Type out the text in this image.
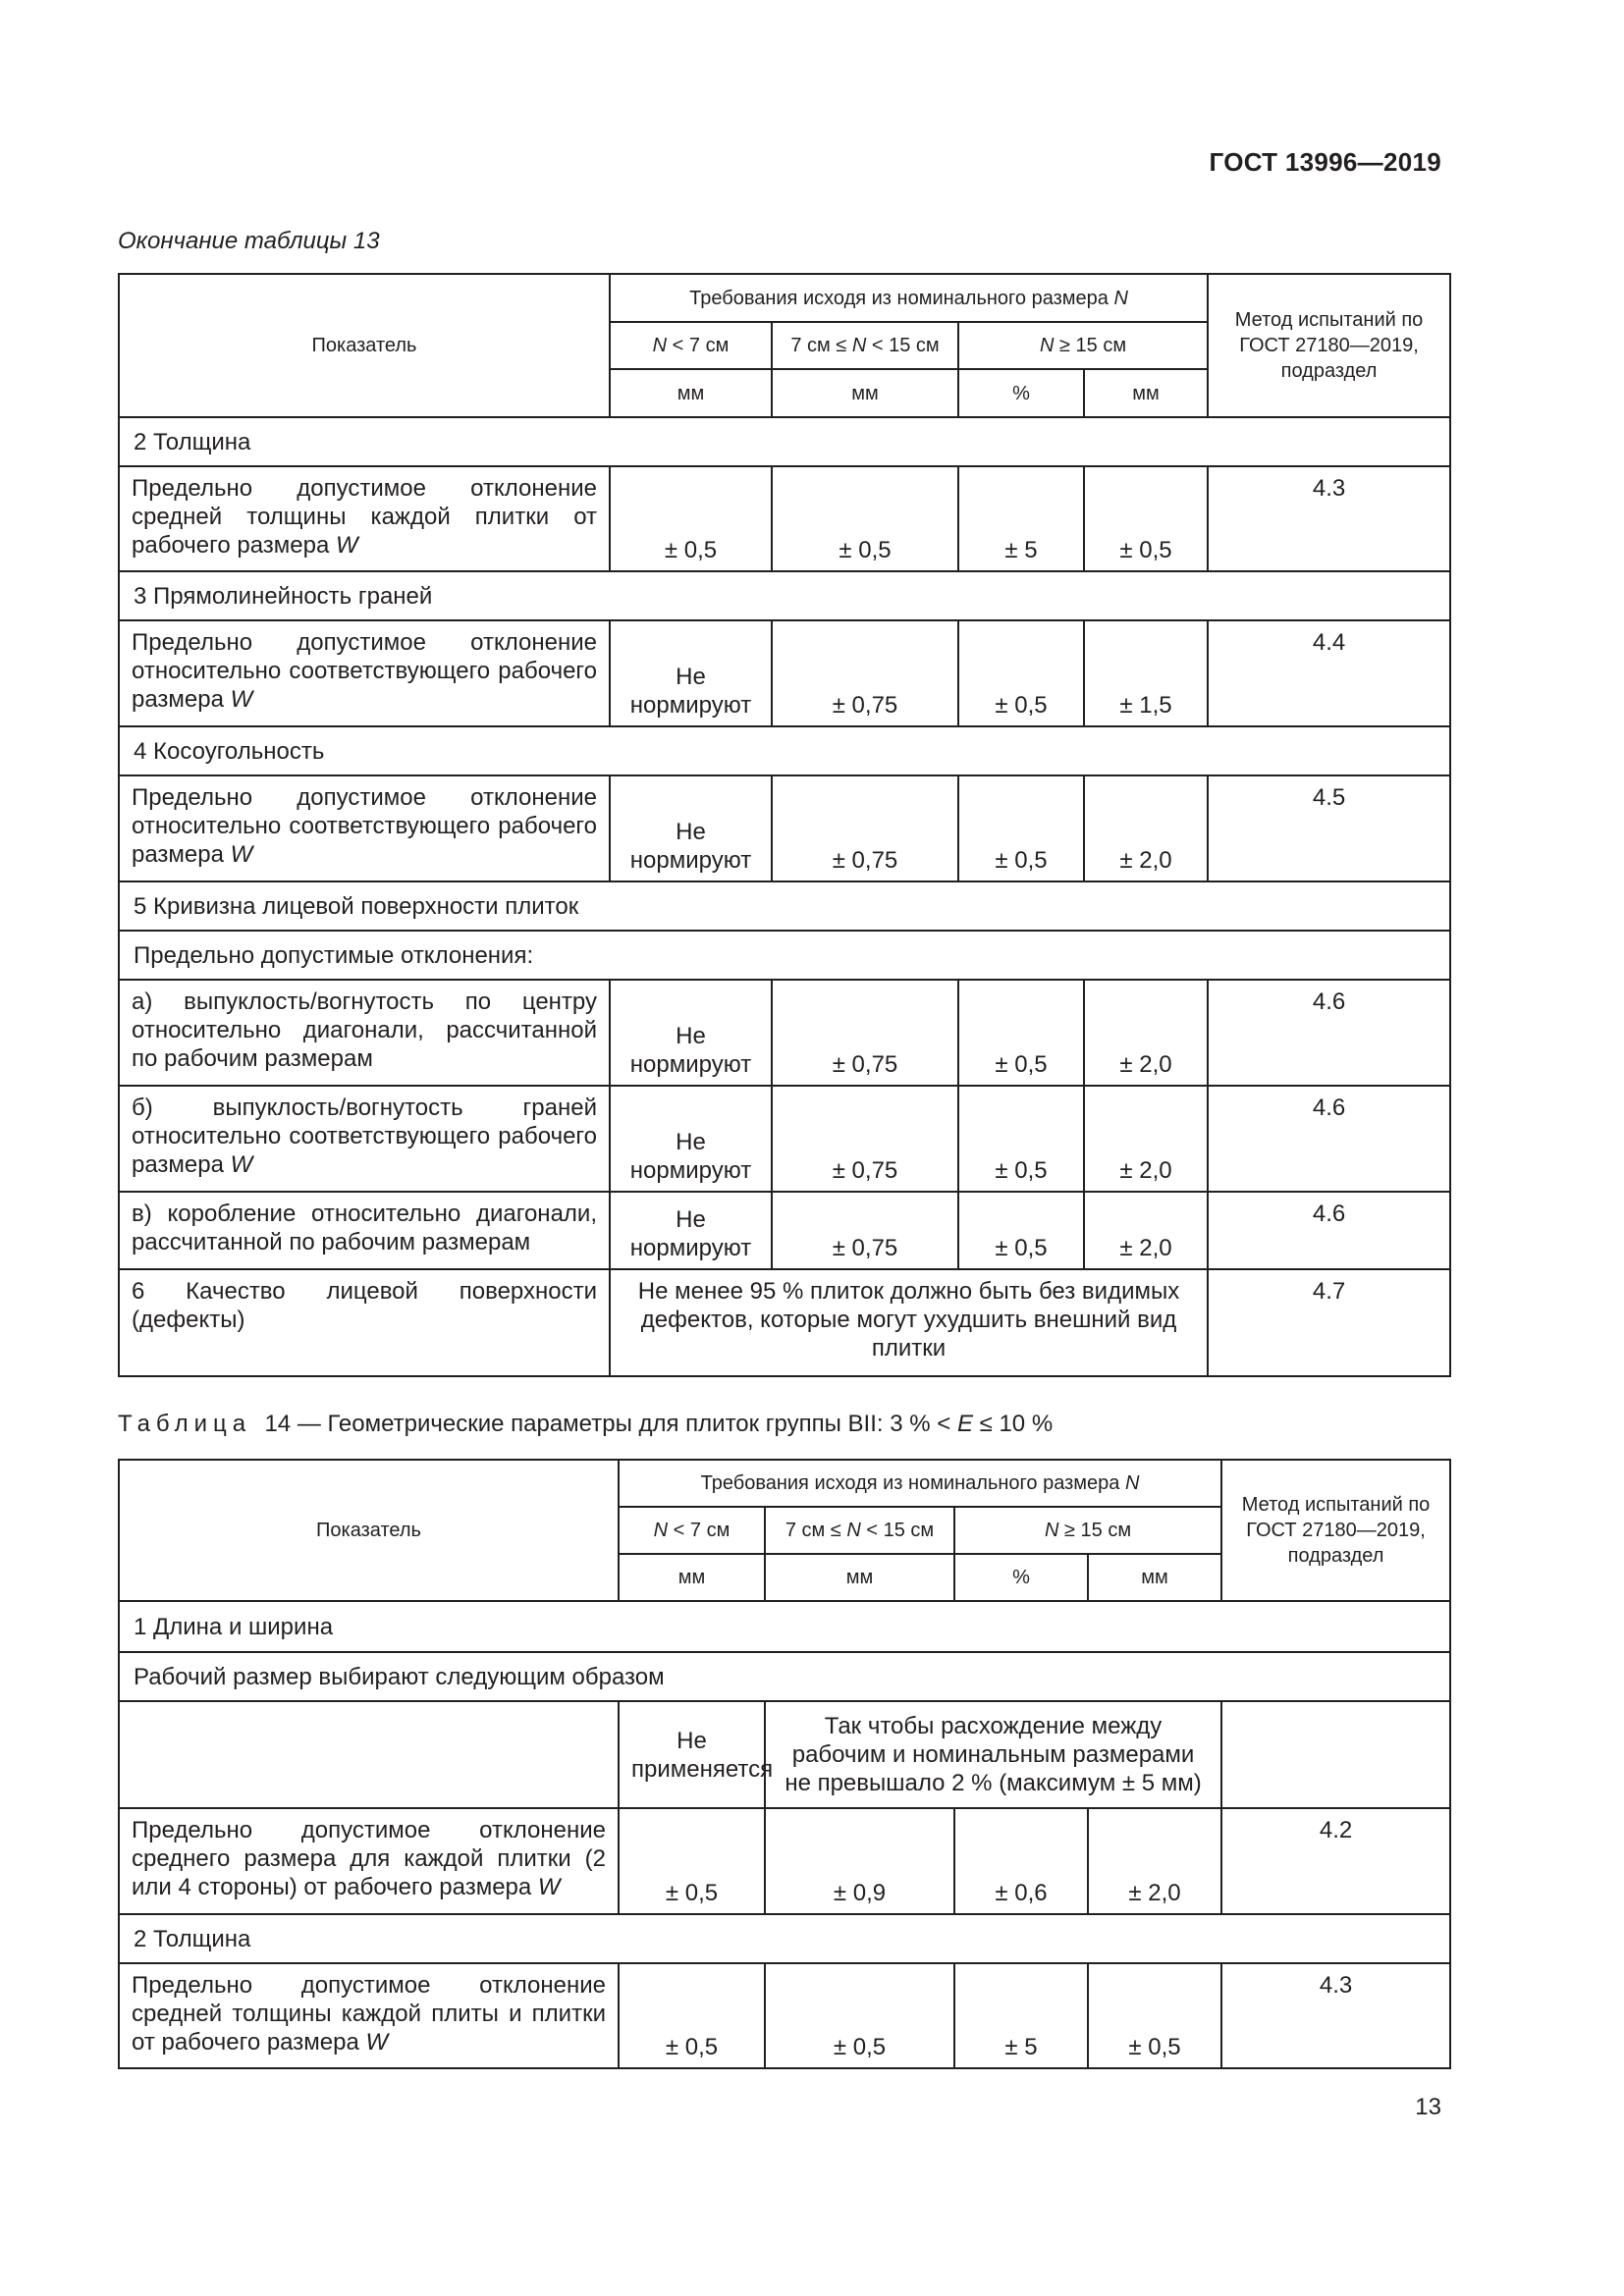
ГОСТ 13996—2019
Окончание таблицы 13
Показатель	Требования исходя из номинального размера N				Метод испытаний по ГОСТ 27180—2019, подраздел
	N < 7 см	7 см ≤ N < 15 см	N ≥ 15 см		
	мм	мм	%	мм	
2 Толщина					
Предельно допустимое отклонение средней толщины каждой плитки от рабочего размера W	± 0,5	± 0,5	± 5	± 0,5	4.3
3 Прямолинейность граней					
Предельно допустимое отклонение относительно соответствующего рабочего размера W	Не нормируют	± 0,75	± 0,5	± 1,5	4.4
4 Косоугольность					
Предельно допустимое отклонение относительно соответствующего рабочего размера W	Не нормируют	± 0,75	± 0,5	± 2,0	4.5
5 Кривизна лицевой поверхности плиток					
Предельно допустимые отклонения:					
а) выпуклость/вогнутость по центру относительно диагонали, рассчитанной по рабочим размерам	Не нормируют	± 0,75	± 0,5	± 2,0	4.6
б) выпуклость/вогнутость граней относительно соответствующего рабочего размера W	Не нормируют	± 0,75	± 0,5	± 2,0	4.6
в) коробление относительно диагонали, рассчитанной по рабочим размерам	Не нормируют	± 0,75	± 0,5	± 2,0	4.6
6 Качество лицевой поверхности (дефекты)	Не менее 95 % плиток должно быть без видимых дефектов, которые могут ухудшить внешний вид плитки				4.7
Таблица 14 — Геометрические параметры для плиток группы BII: 3 % < E ≤ 10 %
Показатель	Требования исходя из номинального размера N				Метод испытаний по ГОСТ 27180—2019, подраздел
	N < 7 см	7 см ≤ N < 15 см	N ≥ 15 см		
	мм	мм	%	мм	
1 Длина и ширина					
Рабочий размер выбирают следующим образом					
	Не применяется	Так чтобы расхождение между рабочим и номинальным размерами не превышало 2 % (максимум ± 5 мм)			
Предельно допустимое отклонение среднего размера для каждой плитки (2 или 4 стороны) от рабочего размера W	± 0,5	± 0,9	± 0,6	± 2,0	4.2
2 Толщина					
Предельно допустимое отклонение средней толщины каждой плиты и плитки от рабочего размера W	± 0,5	± 0,5	± 5	± 0,5	4.3
13
